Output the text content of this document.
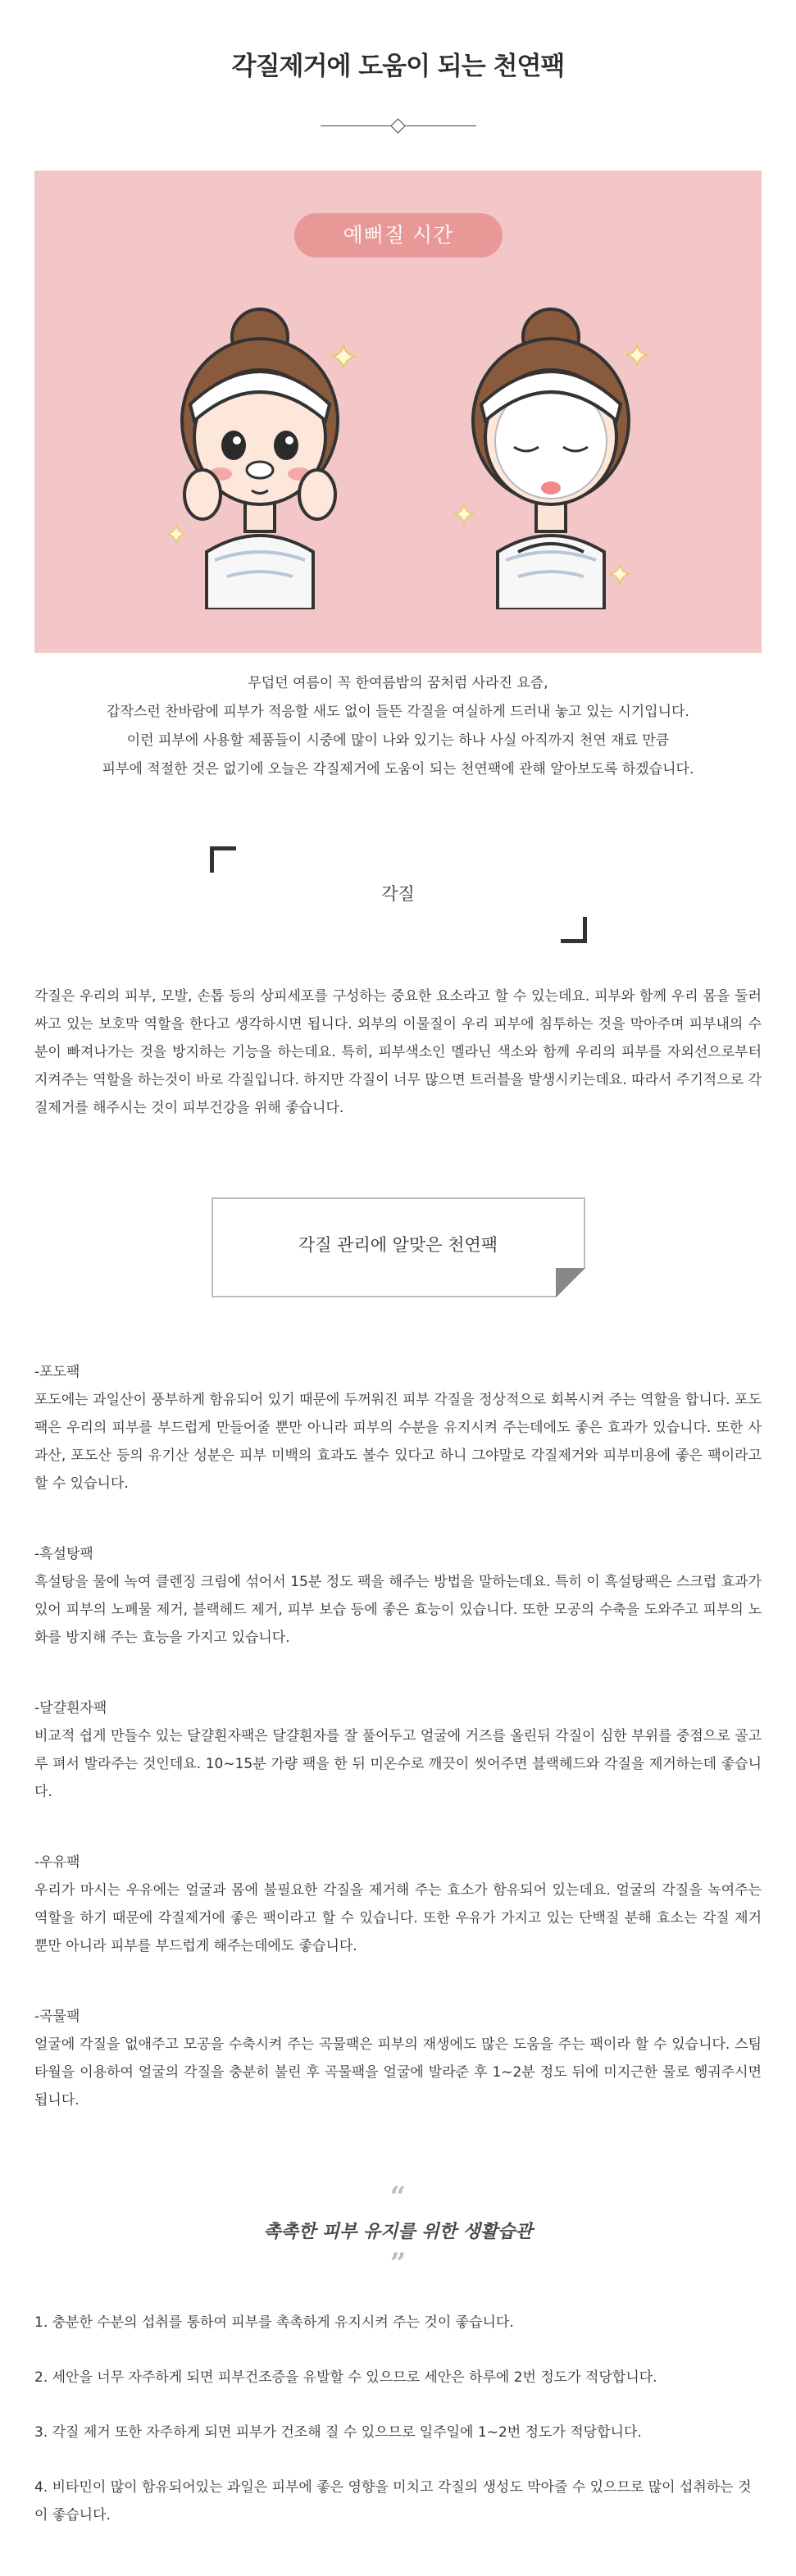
각질제거에 도움이 되는 천연팩
예뻐질 시간

무덥던 여름이 꼭 한여름밤의 꿈처럼 사라진 요즘,

갑작스런 찬바람에 피부가 적응할 새도 없이 들뜬 각질을 여실하게 드러내 놓고 있는 시기입니다.

이런 피부에 사용할 제품들이 시중에 많이 나와 있기는 하나 사실 아직까지 천연 재료 만큼

피부에 적절한 것은 없기에 오늘은 각질제거에 도움이 되는 천연팩에 관해 알아보도록 하겠습니다.

각질

각질은 우리의 피부, 모발, 손톱 등의 상피세포를 구성하는 중요한 요소라고 할 수 있는데요. 피부와 함께 우리 몸을 둘러싸고 있는 보호막 역할을 한다고 생각하시면 됩니다. 외부의 이물질이 우리 피부에 침투하는 것을 막아주며 피부내의 수분이 빠져나가는 것을 방지하는 기능을 하는데요. 특히, 피부색소인 멜라닌 색소와 함께 우리의 피부를 자외선으로부터 지켜주는 역할을 하는것이 바로 각질입니다. 하지만 각질이 너무 많으면 트러블을 발생시키는데요. 따라서 주기적으로 각질제거를 해주시는 것이 피부건강을 위해 좋습니다.

각질 관리에 알맞은 천연팩
-포도팩

포도에는 과일산이 풍부하게 함유되어 있기 때문에 두꺼워진 피부 각질을 정상적으로 회복시켜 주는 역할을 합니다. 포도팩은 우리의 피부를 부드럽게 만들어줄 뿐만 아니라 피부의 수분을 유지시켜 주는데에도 좋은 효과가 있습니다. 또한 사과산, 포도산 등의 유기산 성분은 피부 미백의 효과도 볼수 있다고 하니 그야말로 각질제거와 피부미용에 좋은 팩이라고 할 수 있습니다.

-흑설탕팩

흑설탕을 물에 녹여 클렌징 크림에 섞어서 15분 정도 팩을 해주는 방법을 말하는데요. 특히 이 흑설탕팩은 스크럽 효과가 있어 피부의 노폐물 제거, 블랙헤드 제거, 피부 보습 등에 좋은 효능이 있습니다. 또한 모공의 수축을 도와주고 피부의 노화를 방지해 주는 효능을 가지고 있습니다.

-달걀흰자팩

비교적 쉽게 만들수 있는 달걀흰자팩은 달걀흰자를 잘 풀어두고 얼굴에 거즈를 올린뒤 각질이 심한 부위를 중점으로 골고루 펴서 발라주는 것인데요. 10~15분 가량 팩을 한 뒤 미온수로 깨끗이 씻어주면 블랙헤드와 각질을 제거하는데 좋습니다.

-우유팩

우리가 마시는 우유에는 얼굴과 몸에 불필요한 각질을 제거해 주는 효소가 함유되어 있는데요. 얼굴의 각질을 녹여주는 역할을 하기 때문에 각질제거에 좋은 팩이라고 할 수 있습니다. 또한 우유가 가지고 있는 단백질 분해 효소는 각질 제거 뿐만 아니라 피부를 부드럽게 해주는데에도 좋습니다.

-곡물팩

얼굴에 각질을 없애주고 모공을 수축시켜 주는 곡물팩은 피부의 재생에도 많은 도움을 주는 팩이라 할 수 있습니다. 스팀타월을 이용하여 얼굴의 각질을 충분히 불린 후 곡물팩을 얼굴에 발라준 후 1~2분 정도 뒤에 미지근한 물로 헹궈주시면 됩니다.

“
촉촉한 피부 유지를 위한 생활습관
”

1. 충분한 수분의 섭취를 통하여 피부를 촉촉하게 유지시켜 주는 것이 좋습니다.

2. 세안을 너무 자주하게 되면 피부건조증을 유발할 수 있으므로 세안은 하루에 2번 정도가 적당합니다.

3. 각질 제거 또한 자주하게 되면 피부가 건조해 질 수 있으므로 일주일에 1~2번 정도가 적당합니다.

4. 비타민이 많이 함유되어있는 과일은 피부에 좋은 영향을 미치고 각질의 생성도 막아줄 수 있으므로 많이 섭취하는 것이 좋습니다.
